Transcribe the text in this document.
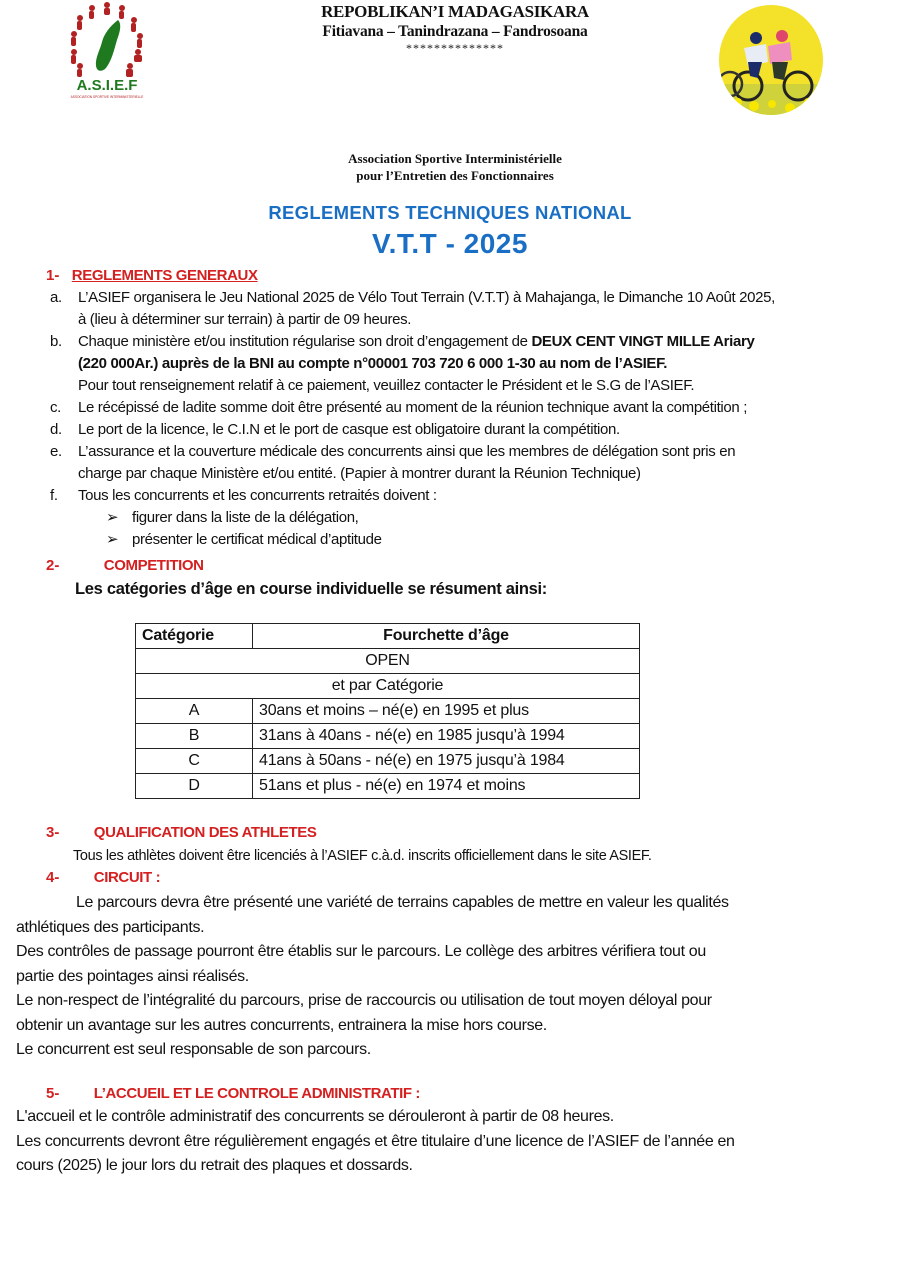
A.S.I.E.F
ASSOCIATION SPORTIVE INTERMINISTERIELLE
REPOBLIKAN’I MADAGASIKARA
Fitiavana – Tanindrazana – Fandrosoana
**************
Association Sportive Interministérielle
pour l’Entretien des Fonctionnaires
REGLEMENTS TECHNIQUES NATIONAL
V.T.T - 2025
1- REGLEMENTS GENERAUX
a. L’ASIEF organisera le Jeu National 2025 de Vélo Tout Terrain (V.T.T) à Mahajanga, le Dimanche 10 Août 2025,
à (lieu à déterminer sur terrain) à partir de 09 heures.
b. Chaque ministère et/ou institution régularise son droit d’engagement de DEUX CENT VINGT MILLE Ariary
(220 000Ar.) auprès de la BNI au compte n°00001 703 720 6 000 1-30 au nom de l’ASIEF.
Pour tout renseignement relatif à ce paiement, veuillez contacter le Président et le S.G de l’ASIEF.
c. Le récépissé de ladite somme doit être présenté au moment de la réunion technique avant la compétition ;
d. Le port de la licence, le C.I.N et le port de casque est obligatoire durant la compétition.
e. L’assurance et la couverture médicale des concurrents ainsi que les membres de délégation sont pris en
charge par chaque Ministère et/ou entité. (Papier à montrer durant la Réunion Technique)
f. Tous les concurrents et les concurrents retraités doivent :
➢ figurer dans la liste de la délégation,
➢ présenter le certificat médical d’aptitude
2-	COMPETITION
Les catégories d’âge en course individuelle se résument ainsi:
Catégorie	Fourchette d’âge
OPEN	
et par Catégorie	
A	30ans et moins – né(e) en 1995 et plus
B	31ans à 40ans - né(e) en 1985 jusqu’à 1994
C	41ans à 50ans - né(e) en 1975 jusqu’à 1984
D	51ans et plus - né(e) en 1974 et moins
3- QUALIFICATION DES ATHLETES
Tous les athlètes doivent être licenciés à l’ASIEF c.à.d. inscrits officiellement dans le site ASIEF.
4- CIRCUIT :
Le parcours devra être présenté une variété de terrains capables de mettre en valeur les qualités
athlétiques des participants.
Des contrôles de passage pourront être établis sur le parcours. Le collège des arbitres vérifiera tout ou
partie des pointages ainsi réalisés.
Le non-respect de l’intégralité du parcours, prise de raccourcis ou utilisation de tout moyen déloyal pour
obtenir un avantage sur les autres concurrents, entrainera la mise hors course.
Le concurrent est seul responsable de son parcours.
5- L’ACCUEIL ET LE CONTROLE ADMINISTRATIF :
L'accueil et le contrôle administratif des concurrents se dérouleront à partir de 08 heures.
Les concurrents devront être régulièrement engagés et être titulaire d’une licence de l’ASIEF de l’année en
cours (2025) le jour lors du retrait des plaques et dossards.
